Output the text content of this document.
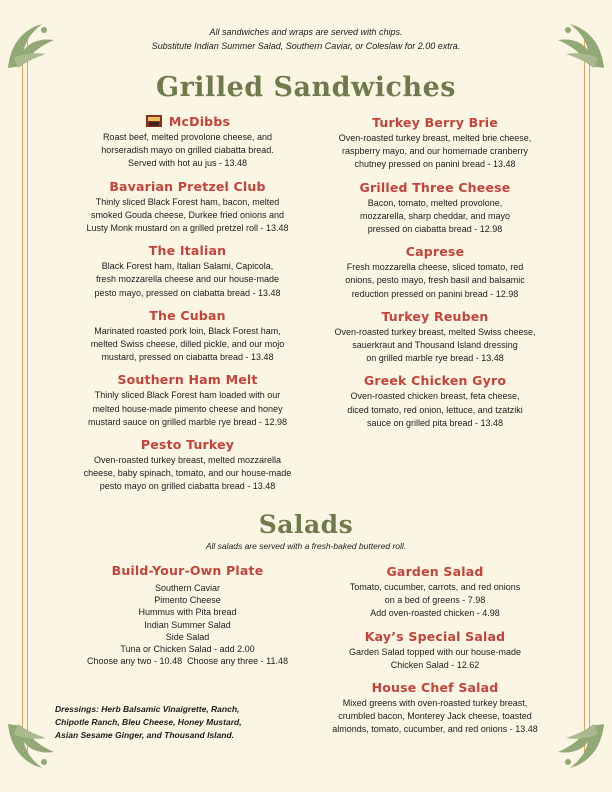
All sandwiches and wraps are served with chips.
Substitute Indian Summer Salad, Southern Caviar, or Coleslaw for 2.00 extra.
Grilled Sandwiches
McDibbs

Roast beef, melted provolone cheese, and
horseradish mayo on grilled ciabatta bread.
Served with hot au jus - 13.48

Bavarian Pretzel Club

Thinly sliced Black Forest ham, bacon, melted
smoked Gouda cheese, Durkee fried onions and
Lusty Monk mustard on a grilled pretzel roll - 13.48

The Italian

Black Forest ham, Italian Salami, Capicola,
fresh mozzarella cheese and our house-made
pesto mayo, pressed on ciabatta bread - 13.48

The Cuban

Marinated roasted pork loin, Black Forest ham,
melted Swiss cheese, dilled pickle, and our mojo
mustard, pressed on ciabatta bread - 13.48

Southern Ham Melt

Thinly sliced Black Forest ham loaded with our
melted house-made pimento cheese and honey
mustard sauce on grilled marble rye bread - 12.98

Pesto Turkey

Oven-roasted turkey breast, melted mozzarella
cheese, baby spinach, tomato, and our house-made
pesto mayo on grilled ciabatta bread - 13.48

Turkey Berry Brie

Oven-roasted turkey breast, melted brie cheese,
raspberry mayo, and our homemade cranberry
chutney pressed on panini bread - 13.48

Grilled Three Cheese

Bacon, tomato, melted provolone,
mozzarella, sharp cheddar, and mayo
pressed on ciabatta bread - 12.98

Caprese

Fresh mozzarella cheese, sliced tomato, red
onions, pesto mayo, fresh basil and balsamic
reduction pressed on panini bread - 12.98

Turkey Reuben

Oven-roasted turkey breast, melted Swiss cheese,
sauerkraut and Thousand Island dressing
on grilled marble rye bread - 13.48

Greek Chicken Gyro

Oven-roasted chicken breast, feta cheese,
diced tomato, red onion, lettuce, and tzatziki
sauce on grilled pita bread - 13.48

Salads
All salads are served with a fresh-baked buttered roll.
Build-Your-Own Plate

Southern Caviar

Pimento Cheese

Hummus with Pita bread

Indian Summer Salad

Side Salad

Tuna or Chicken Salad - add 2.00

Choose any two - 10.48  Choose any three - 11.48

Dressings: Herb Balsamic Vinaigrette, Ranch,
Chipotle Ranch, Bleu Cheese, Honey Mustard,
Asian Sesame Ginger, and Thousand Island.
Garden Salad

Tomato, cucumber, carrots, and red onions
on a bed of greens - 7.98
Add oven-roasted chicken - 4.98

Kay’s Special Salad

Garden Salad topped with our house-made
Chicken Salad - 12.62

House Chef Salad

Mixed greens with oven-roasted turkey breast,
crumbled bacon, Monterey Jack cheese, toasted
almonds, tomato, cucumber, and red onions - 13.48
